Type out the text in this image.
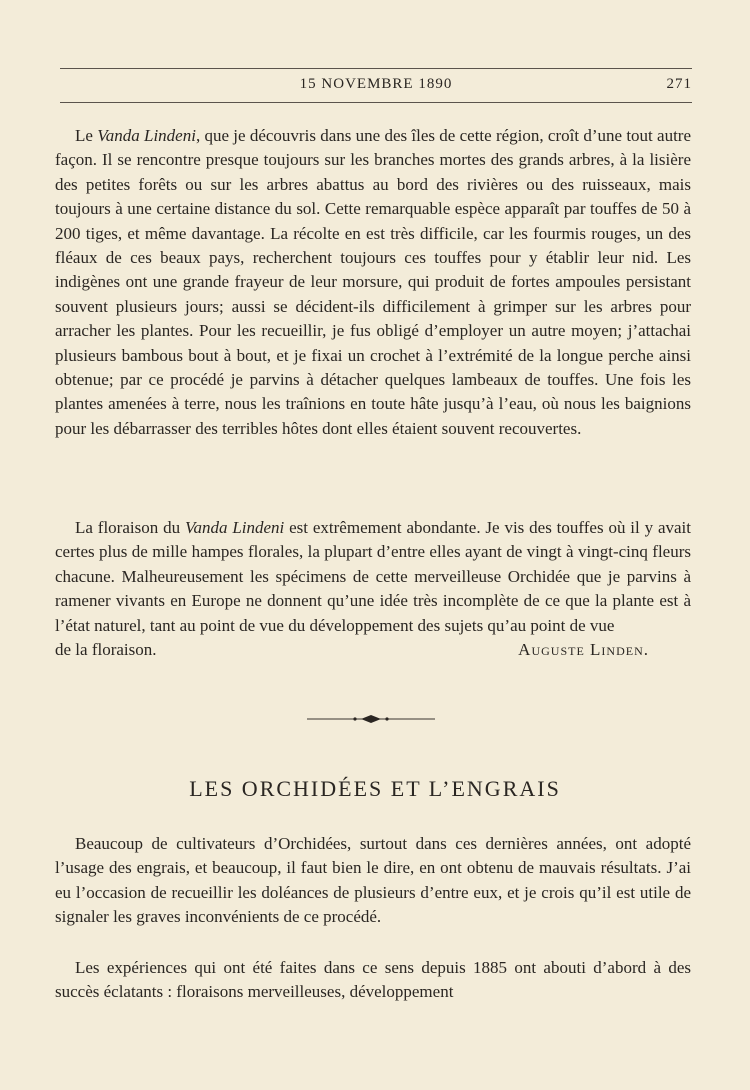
15 NOVEMBRE 1890	271

Le Vanda Lindeni, que je découvris dans une des îles de cette région, croît d’une tout autre façon. Il se rencontre presque toujours sur les branches mortes des grands arbres, à la lisière des petites forêts ou sur les arbres abattus au bord des rivières ou des ruisseaux, mais toujours à une certaine distance du sol. Cette remarquable espèce apparaît par touffes de 50 à 200 tiges, et même davantage. La récolte en est très difficile, car les fourmis rouges, un des fléaux de ces beaux pays, recherchent toujours ces touffes pour y établir leur nid. Les indigènes ont une grande frayeur de leur morsure, qui produit de fortes ampoules persistant souvent plusieurs jours; aussi se décident-ils difficilement à grimper sur les arbres pour arracher les plantes. Pour les recueillir, je fus obligé d’employer un autre moyen; j’attachai plusieurs bambous bout à bout, et je fixai un crochet à l’extrémité de la longue perche ainsi obtenue; par ce procédé je parvins à détacher quelques lambeaux de touffes. Une fois les plantes amenées à terre, nous les traînions en toute hâte jusqu’à l’eau, où nous les baignions pour les débarrasser des terribles hôtes dont elles étaient souvent recouvertes.

La floraison du Vanda Lindeni est extrêmement abondante. Je vis des touffes où il y avait certes plus de mille hampes florales, la plupart d’entre elles ayant de vingt à vingt-cinq fleurs chacune. Malheureusement les spécimens de cette merveilleuse Orchidée que je parvins à ramener vivants en Europe ne donnent qu’une idée très incomplète de ce que la plante est à l’état naturel, tant au point de vue du développement des sujets qu’au point de vue

de la floraison.	Auguste Linden.
LES ORCHIDÉES ET L’ENGRAIS

Beaucoup de cultivateurs d’Orchidées, surtout dans ces dernières années, ont adopté l’usage des engrais, et beaucoup, il faut bien le dire, en ont obtenu de mauvais résultats. J’ai eu l’occasion de recueillir les doléances de plusieurs d’entre eux, et je crois qu’il est utile de signaler les graves inconvénients de ce procédé.

Les expériences qui ont été faites dans ce sens depuis 1885 ont abouti d’abord à des succès éclatants : floraisons merveilleuses, développement
